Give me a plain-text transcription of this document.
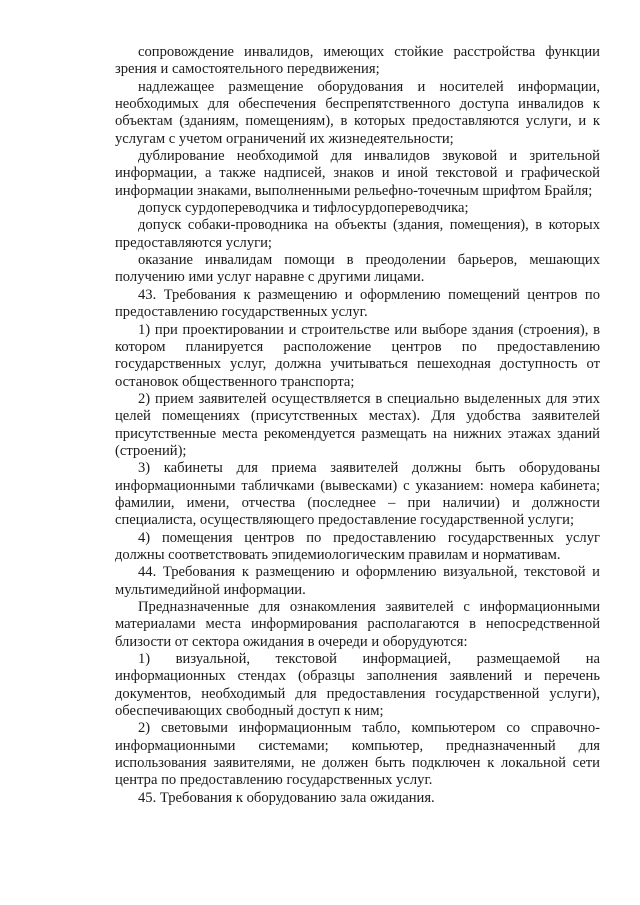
сопровождение инвалидов, имеющих стойкие расстройства функции зрения и самостоятельного передвижения;

надлежащее размещение оборудования и носителей информации, необходимых для обеспечения беспрепятственного доступа инвалидов к объектам (зданиям, помещениям), в которых предоставляются услуги, и к услугам с учетом ограничений их жизнедеятельности;

дублирование необходимой для инвалидов звуковой и зрительной информации, а также надписей, знаков и иной текстовой и графической информации знаками, выполненными рельефно-точечным шрифтом Брайля;

допуск сурдопереводчика и тифлосурдопереводчика;

допуск собаки-проводника на объекты (здания, помещения), в которых предоставляются услуги;

оказание инвалидам помощи в преодолении барьеров, мешающих получению ими услуг наравне с другими лицами.

43. Требования к размещению и оформлению помещений центров по предоставлению государственных услуг.

1) при проектировании и строительстве или выборе здания (строения), в котором планируется расположение центров по предоставлению государственных услуг, должна учитываться пешеходная доступность от остановок общественного транспорта;

2) прием заявителей осуществляется в специально выделенных для этих целей помещениях (присутственных местах). Для удобства заявителей присутственные места рекомендуется размещать на нижних этажах зданий (строений);

3) кабинеты для приема заявителей должны быть оборудованы информационными табличками (вывесками) с указанием: номера кабинета; фамилии, имени, отчества (последнее – при наличии) и должности специалиста, осуществляющего предоставление государственной услуги;

4) помещения центров по предоставлению государственных услуг должны соответствовать эпидемиологическим правилам и нормативам.

44. Требования к размещению и оформлению визуальной, текстовой и мультимедийной информации.

Предназначенные для ознакомления заявителей с информационными материалами места информирования располагаются в непосредственной близости от сектора ожидания в очереди и оборудуются:

1) визуальной, текстовой информацией, размещаемой на информационных стендах (образцы заполнения заявлений и перечень документов, необходимый для предоставления государственной услуги), обеспечивающих свободный доступ к ним;

2) световыми информационным табло, компьютером со справочно-информационными системами; компьютер, предназначенный для использования заявителями, не должен быть подключен к локальной сети центра по предоставлению государственных услуг.

45. Требования к оборудованию зала ожидания.
